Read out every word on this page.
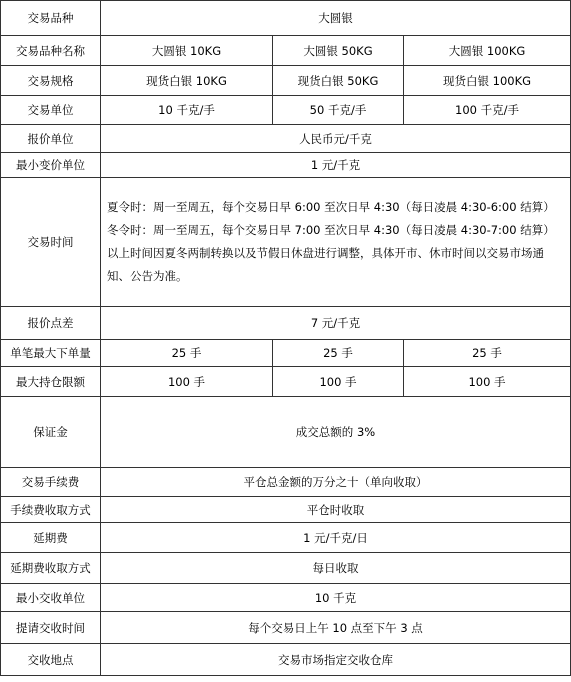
交易品种	大圆银		
交易品种名称	大圆银 10KG	大圆银 50KG	大圆银 100KG
交易规格	现货白银 10KG	现货白银 50KG	现货白银 100KG
交易单位	10 千克/手	50 千克/手	100 千克/手
报价单位	人民币元/千克		
最小变价单位	1 元/千克		
交易时间	夏令时：周一至周五，每个交易日早 6:00 至次日早 4:30（每日凌晨 4:30-6:00 结算）
冬令时：周一至周五，每个交易日早 7:00 至次日早 4:30（每日凌晨 4:30-7:00 结算）
以上时间因夏冬两制转换以及节假日休盘进行调整，具体开市、休市时间以交易市场通知、公告为准。		

报价点差	7 元/千克		
单笔最大下单量	25 手	25 手	25 手
最大持仓限额	100 手	100 手	100 手
保证金	成交总额的 3%		
交易手续费	平仓总金额的万分之十（单向收取）		
手续费收取方式	平仓时收取		
延期费	1 元/千克/日		
延期费收取方式	每日收取		
最小交收单位	10 千克		
提请交收时间	每个交易日上午 10 点至下午 3 点		
交收地点	交易市场指定交收仓库		
